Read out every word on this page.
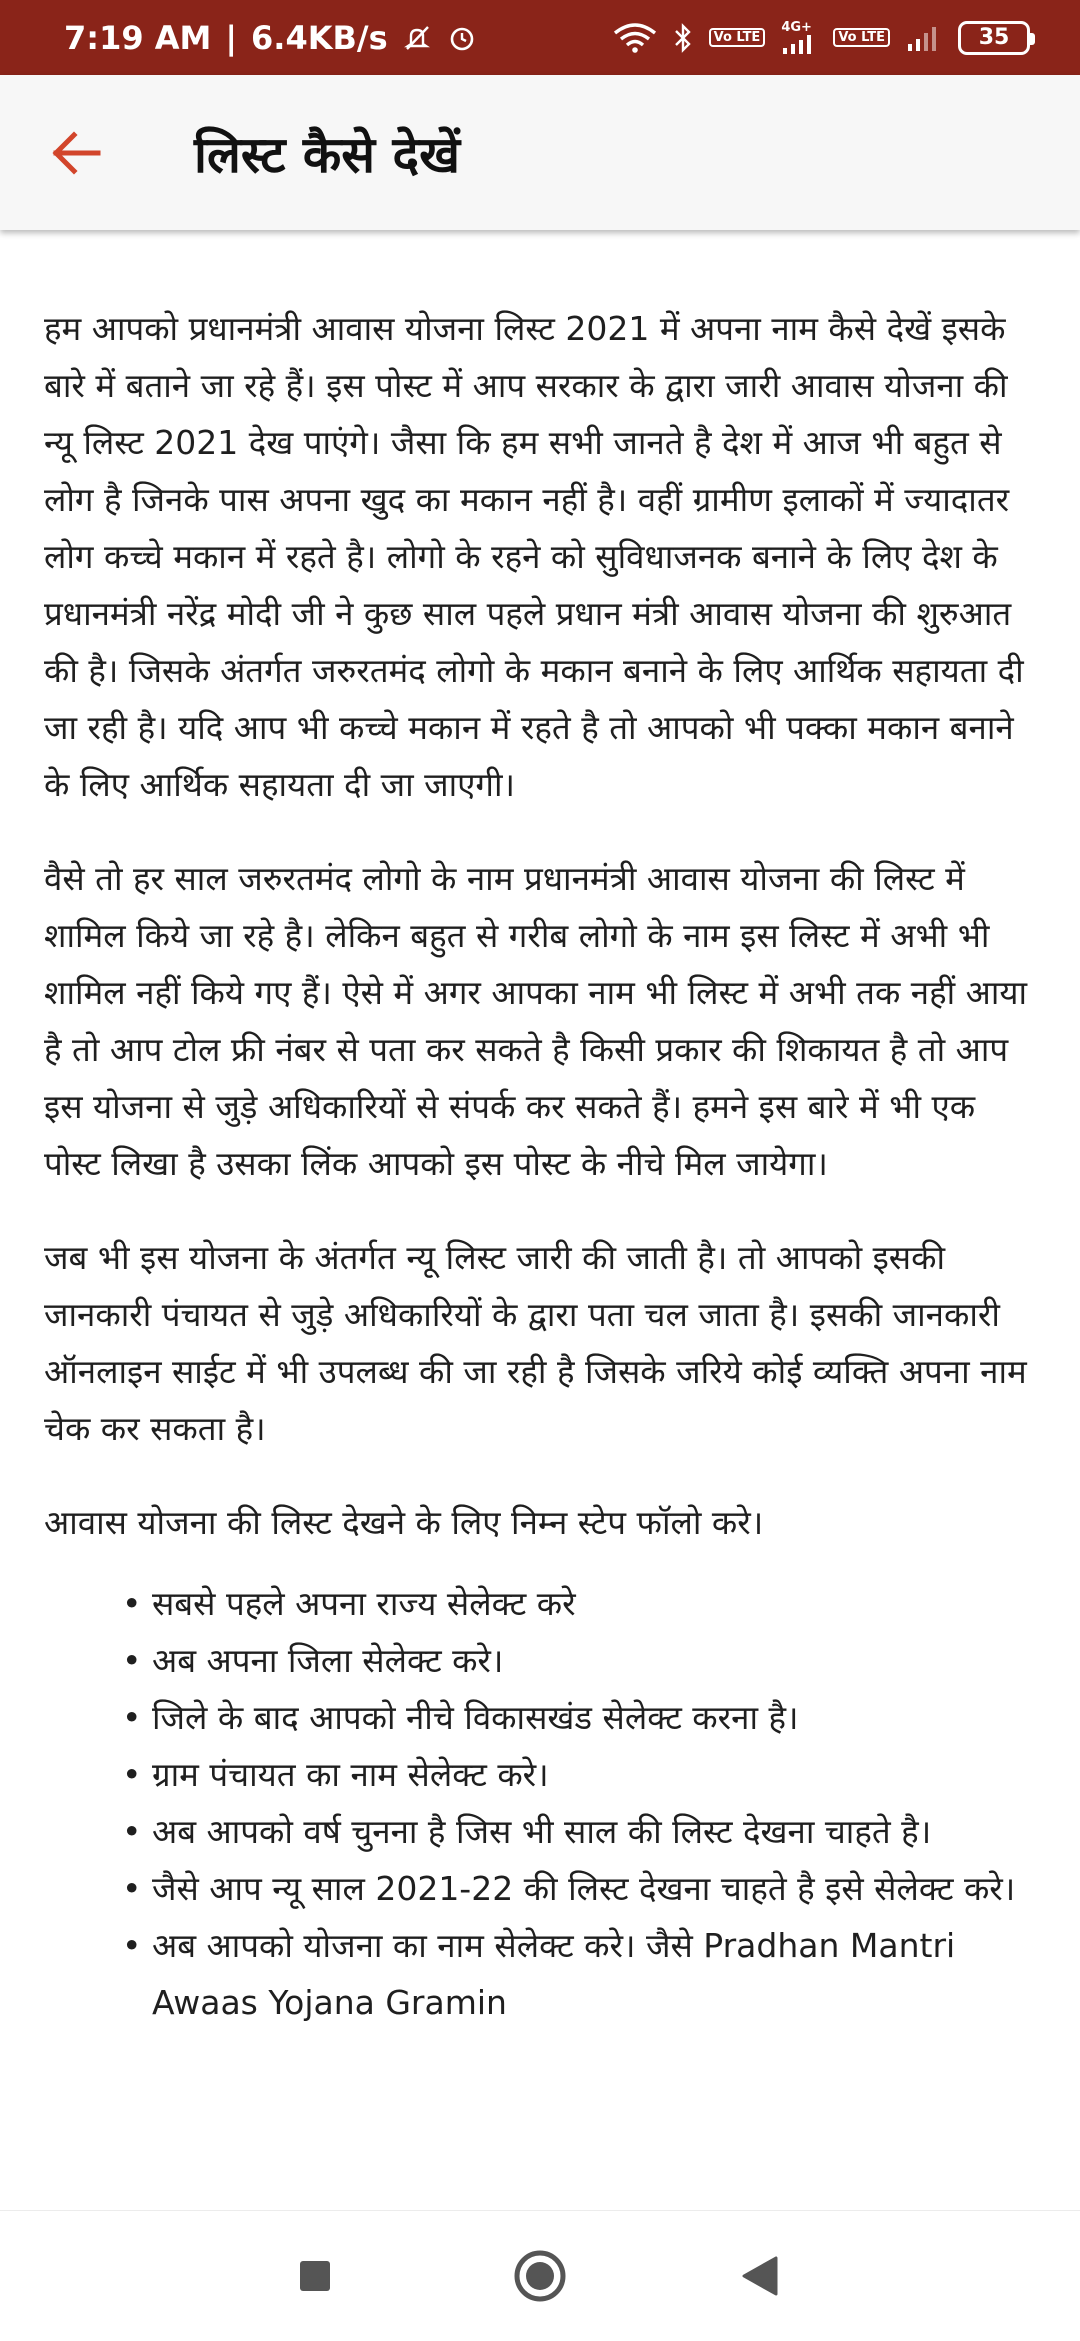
7:19 AM | 6.4KB/s	Vo LTE
4G+
Vo LTE	35
लिस्ट कैसे देखें

हम आपको प्रधानमंत्री आवास योजना लिस्ट 2021 में अपना नाम कैसे देखें इसके बारे में बताने जा रहे हैं। इस पोस्ट में आप सरकार के द्वारा जारी आवास योजना की न्यू लिस्ट 2021 देख पाएंगे। जैसा कि हम सभी जानते है देश में आज भी बहुत से लोग है जिनके पास अपना खुद का मकान नहीं है। वहीं ग्रामीण इलाकों में ज्यादातर लोग कच्चे मकान में रहते है। लोगो के रहने को सुविधाजनक बनाने के लिए देश के प्रधानमंत्री नरेंद्र मोदी जी ने कुछ साल पहले प्रधान मंत्री आवास योजना की शुरुआत की है। जिसके अंतर्गत जरुरतमंद लोगो के मकान बनाने के लिए आर्थिक सहायता दी जा रही है। यदि आप भी कच्चे मकान में रहते है तो आपको भी पक्का मकान बनाने के लिए आर्थिक सहायता दी जा जाएगी।

वैसे तो हर साल जरुरतमंद लोगो के नाम प्रधानमंत्री आवास योजना की लिस्ट में शामिल किये जा रहे है। लेकिन बहुत से गरीब लोगो के नाम इस लिस्ट में अभी भी शामिल नहीं किये गए हैं। ऐसे में अगर आपका नाम भी लिस्ट में अभी तक नहीं आया है तो आप टोल फ्री नंबर से पता कर सकते है किसी प्रकार की शिकायत है तो आप इस योजना से जुड़े अधिकारियों से संपर्क कर सकते हैं। हमने इस बारे में भी एक पोस्ट लिखा है उसका लिंक आपको इस पोस्ट के नीचे मिल जायेगा।

जब भी इस योजना के अंतर्गत न्यू लिस्ट जारी की जाती है। तो आपको इसकी जानकारी पंचायत से जुड़े अधिकारियों के द्वारा पता चल जाता है। इसकी जानकारी ऑनलाइन साईट में भी उपलब्ध की जा रही है जिसके जरिये कोई व्यक्ति अपना नाम चेक कर सकता है।

आवास योजना की लिस्ट देखने के लिए निम्न स्टेप फॉलो करे।

• सबसे पहले अपना राज्य सेलेक्ट करे
• अब अपना जिला सेलेक्ट करे।
• जिले के बाद आपको नीचे विकासखंड सेलेक्ट करना है।
• ग्राम पंचायत का नाम सेलेक्ट करे।
• अब आपको वर्ष चुनना है जिस भी साल की लिस्ट देखना चाहते है।
• जैसे आप न्यू साल 2021-22 की लिस्ट देखना चाहते है इसे सेलेक्ट करे।
• अब आपको योजना का नाम सेलेक्ट करे। जैसे Pradhan Mantri Awaas Yojana Gramin
